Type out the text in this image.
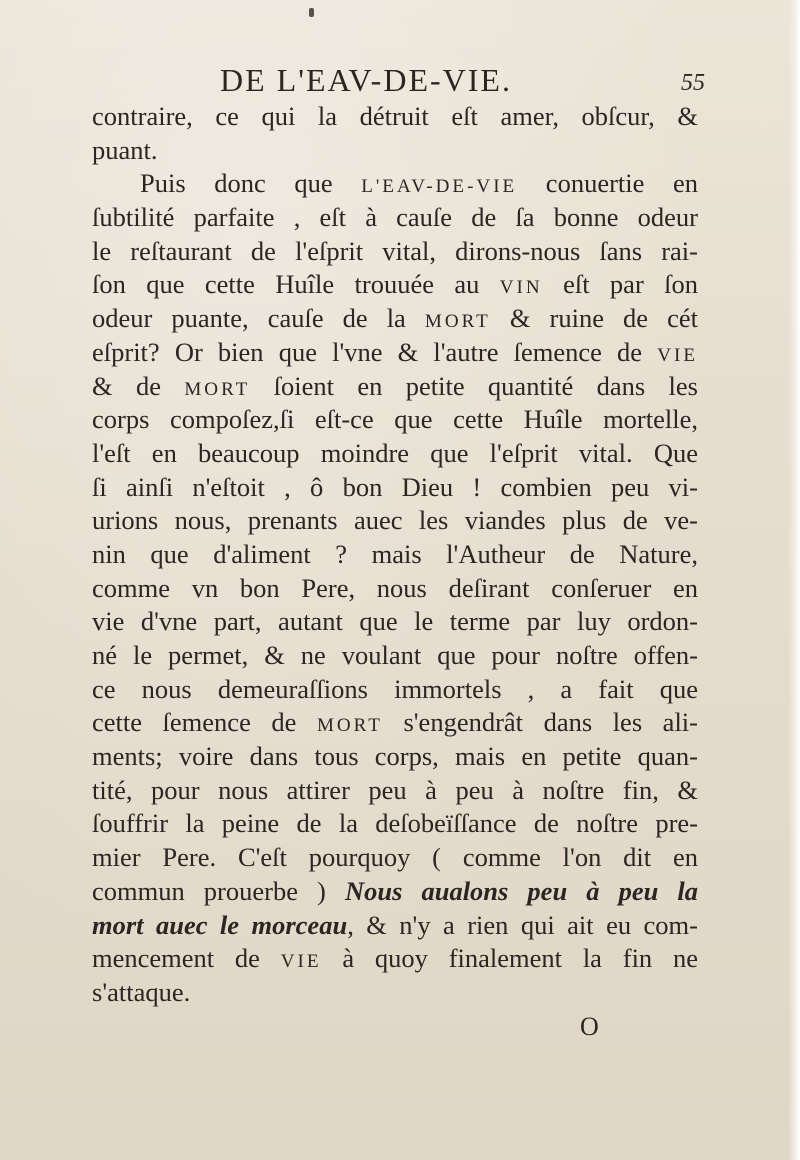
DE L'EAV-DE-VIE.	55
contraire, ce qui la détruit eſt amer, obſcur, &
puant.
Puis donc que L'EAV-DE-VIE conuertie en
ſubtilité parfaite , eſt à cauſe de ſa bonne odeur
le reſtaurant de l'eſprit vital, dirons-nous ſans rai-
ſon que cette Huîle trouuée au VIN eſt par ſon
odeur puante, cauſe de la MORT & ruine de cét
eſprit? Or bien que l'vne & l'autre ſemence de VIE
& de MORT ſoient en petite quantité dans les
corps compoſez,ſi eſt-ce que cette Huîle mortelle,
l'eſt en beaucoup moindre que l'eſprit vital. Que
ſi ainſi n'eſtoit , ô bon Dieu ! combien peu vi-
urions nous, prenants auec les viandes plus de ve-
nin que d'aliment ? mais l'Autheur de Nature,
comme vn bon Pere, nous deſirant conſeruer en
vie d'vne part, autant que le terme par luy ordon-
né le permet, & ne voulant que pour noſtre offen-
ce nous demeuraſſions immortels , a fait que
cette ſemence de MORT s'engendrât dans les ali-
ments; voire dans tous corps, mais en petite quan-
tité, pour nous attirer peu à peu à noſtre fin, &
ſouffrir la peine de la deſobeïſſance de noſtre pre-
mier Pere. C'eſt pourquoy ( comme l'on dit en
commun prouerbe ) Nous aualons peu à peu la
mort auec le morceau, & n'y a rien qui ait eu com-
mencement de VIE à quoy finalement la fin ne
s'attaque.
O
